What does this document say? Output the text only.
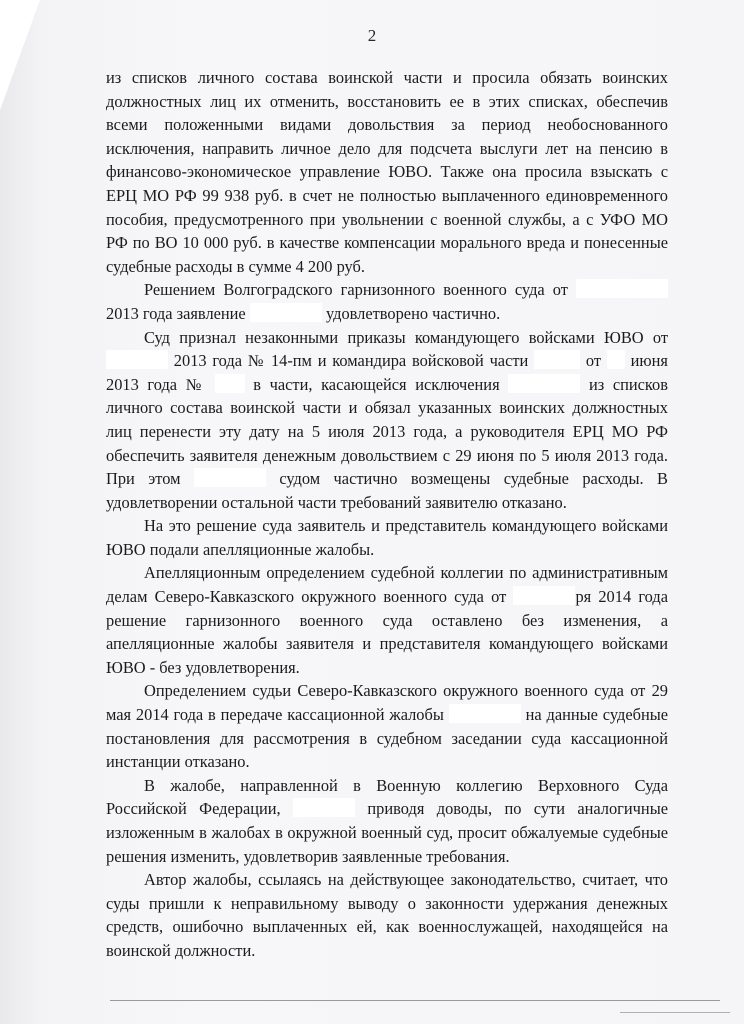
2

из списков личного состава воинской части и просила обязать воинских должностных лиц их отменить, восстановить ее в этих списках, обеспечив всеми положенными видами довольствия за период необоснованного исключения, направить личное дело для подсчета выслуги лет на пенсию в финансово-экономическое управление ЮВО. Также она просила взыскать с ЕРЦ МО РФ 99 938 руб. в счет не полностью выплаченного единовременного пособия, предусмотренного при увольнении с военной службы, а с УФО МО РФ по ВО 10 000 руб. в качестве компенсации морального вреда и понесенные судебные расходы в сумме 4 200 руб.

Решением Волгоградского гарнизонного военного суда от  2013 года заявление	удовлетворено частично.

Суд признал незаконными приказы командующего войсками ЮВО от  2013 года № 14-пм и командира войсковой части	от июня 2013 года №	в части, касающейся исключения	из списков личного состава воинской части и обязал указанных воинских должностных лиц перенести эту дату на 5 июля 2013 года, а руководителя ЕРЦ МО РФ обеспечить заявителя денежным довольствием с 29 июня по 5 июля 2013 года. При этом	судом частично возмещены судебные расходы. В удовлетворении остальной части требований заявителю отказано.

На это решение суда заявитель и представитель командующего войсками ЮВО подали апелляционные жалобы.

Апелляционным определением судебной коллегии по административным делам Северо-Кавказского окружного военного суда от	ря 2014 года решение гарнизонного военного суда оставлено без изменения, а апелляционные жалобы заявителя и представителя командующего войсками ЮВО - без удовлетворения.

Определением судьи Северо-Кавказского окружного военного суда от 29 мая 2014 года в передаче кассационной жалобы	на данные судебные постановления для рассмотрения в судебном заседании суда кассационной инстанции отказано.

В жалобе, направленной в Военную коллегию Верховного Суда Российской Федерации,	приводя доводы, по сути аналогичные изложенным в жалобах в окружной военный суд, просит обжалуемые судебные решения изменить, удовлетворив заявленные требования.

Автор жалобы, ссылаясь на действующее законодательство, считает, что суды пришли к неправильному выводу о законности удержания денежных средств, ошибочно выплаченных ей, как военнослужащей, находящейся на воинской должности.
